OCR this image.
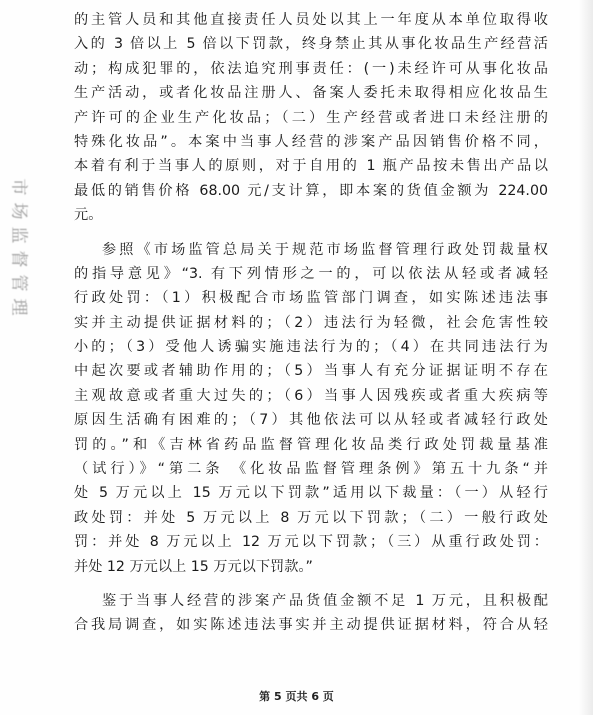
市
场
监
督
管
理
的主管人员和其他直接责任人员处以其上一年度从本单位取得收
入的 3 倍以上 5 倍以下罚款，终身禁止其从事化妆品生产经营活
动；构成犯罪的，依法追究刑事责任：(一)未经许可从事化妆品
生产活动，或者化妆品注册人、备案人委托未取得相应化妆品生
产许可的企业生产化妆品；（二）生产经营或者进口未经注册的
特殊化妆品”。本案中当事人经营的涉案产品因销售价格不同，
本着有利于当事人的原则，对于自用的 1 瓶产品按未售出产品以
最低的销售价格 68.00 元/支计算，即本案的货值金额为 224.00
元。
参照《市场监管总局关于规范市场监督管理行政处罚裁量权
的指导意见》“3. 有下列情形之一的，可以依法从轻或者减轻
行政处罚：（1）积极配合市场监管部门调查，如实陈述违法事
实并主动提供证据材料的；（2）违法行为轻微，社会危害性较
小的；（3）受他人诱骗实施违法行为的；（4）在共同违法行为
中起次要或者辅助作用的；（5）当事人有充分证据证明不存在
主观故意或者重大过失的；（6）当事人因残疾或者重大疾病等
原因生活确有困难的；（7）其他依法可以从轻或者减轻行政处
罚的。”和《吉林省药品监督管理化妆品类行政处罚裁量基准
（试行）》“第二条 《化妆品监督管理条例》第五十九条“并
处 5 万元以上 15 万元以下罚款”适用以下裁量：（一）从轻行
政处罚：并处 5 万元以上 8 万元以下罚款；（二）一般行政处
罚：并处 8 万元以上 12 万元以下罚款；（三）从重行政处罚：
并处 12 万元以上 15 万元以下罚款。”
鉴于当事人经营的涉案产品货值金额不足 1 万元，且积极配
合我局调查，如实陈述违法事实并主动提供证据材料，符合从轻
第 5 页共 6 页
